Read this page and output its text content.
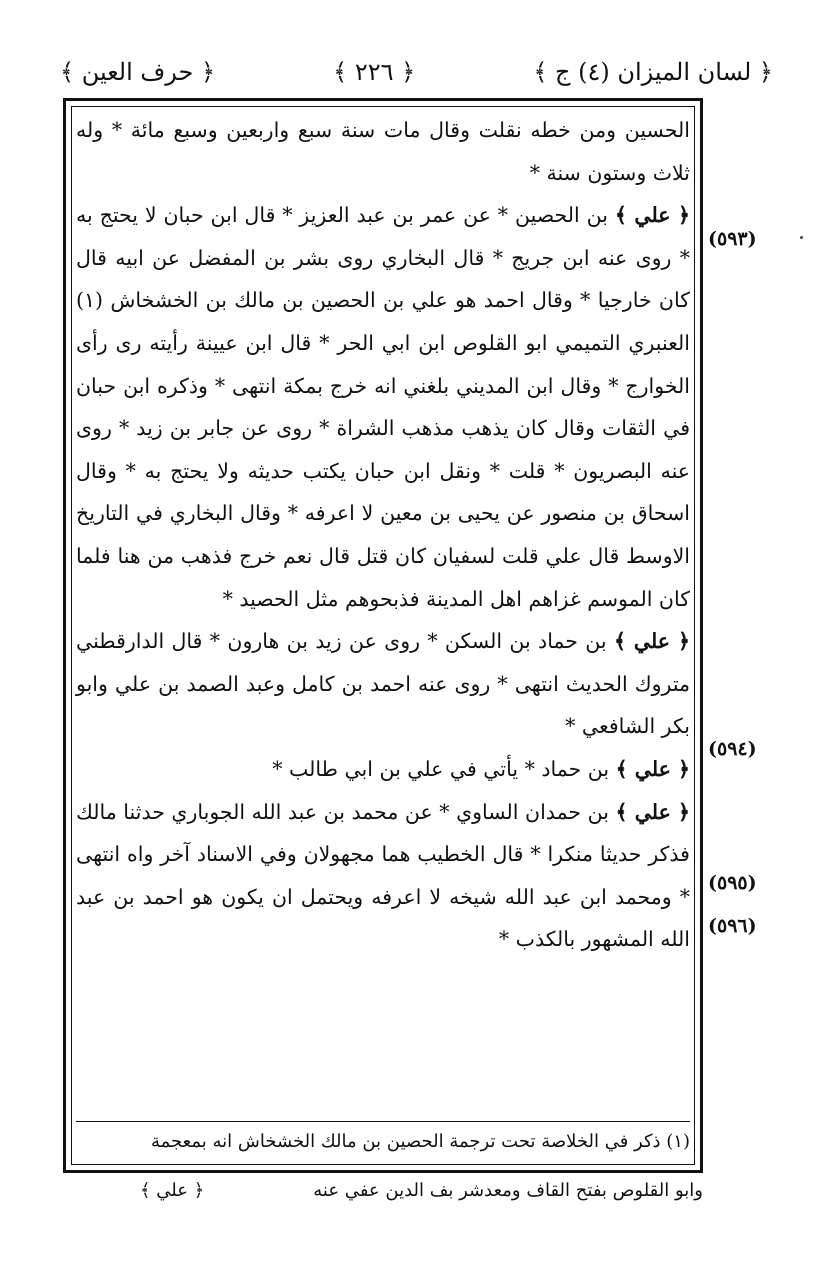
﴿ لسان الميزان (٤) ج ﴾
﴿ ٢٢٦ ﴾
﴿ حرف العين ﴾

الحسين ومن خطه نقلت وقال مات سنة سبع واربعين وسبع مائة * وله ثلاث وستون سنة *

﴿ علي ﴾ بن الحصين * عن عمر بن عبد العزيز * قال ابن حبان لا يحتج به * روى عنه ابن جريج * قال البخاري روى بشر بن المفضل عن ابيه قال كان خارجيا * وقال احمد هو علي بن الحصين بن مالك بن الخشخاش (١) العنبري التميمي ابو القلوص ابن ابي الحر * قال ابن عيينة رأيته رى رأى الخوارج * وقال ابن المديني بلغني انه خرج بمكة انتهى * وذكره ابن حبان في الثقات وقال كان يذهب مذهب الشراة * روى عن جابر بن زيد * روى عنه البصريون * قلت * ونقل ابن حبان يكتب حديثه ولا يحتج به * وقال اسحاق بن منصور عن يحيى بن معين لا اعرفه * وقال البخاري في التاريخ الاوسط قال علي قلت لسفيان كان قتل قال نعم خرج فذهب من هنا فلما كان الموسم غزاهم اهل المدينة فذبحوهم مثل الحصيد *

﴿ علي ﴾ بن حماد بن السكن * روى عن زيد بن هارون * قال الدارقطني متروك الحديث انتهى * روى عنه احمد بن كامل وعبد الصمد بن علي وابو بكر الشافعي *

﴿ علي ﴾ بن حماد * يأتي في علي بن ابي طالب *

﴿ علي ﴾ بن حمدان الساوي * عن محمد بن عبد الله الجوباري حدثنا مالك فذكر حديثا منكرا * قال الخطيب هما مجهولان وفي الاسناد آخر واه انتهى * ومحمد ابن عبد الله شيخه لا اعرفه ويحتمل ان يكون هو احمد بن عبد الله المشهور بالكذب *

(١) ذكر في الخلاصة تحت ترجمة الحصين بن مالك الخشخاش انه بمعجمة
(٥٩٣)
(٥٩٤)
(٥٩٥)
(٥٩٦)
وابو القلوص بفتح القاف ومعدشر بف الدين عفي عنه
﴿ علي ﴾
